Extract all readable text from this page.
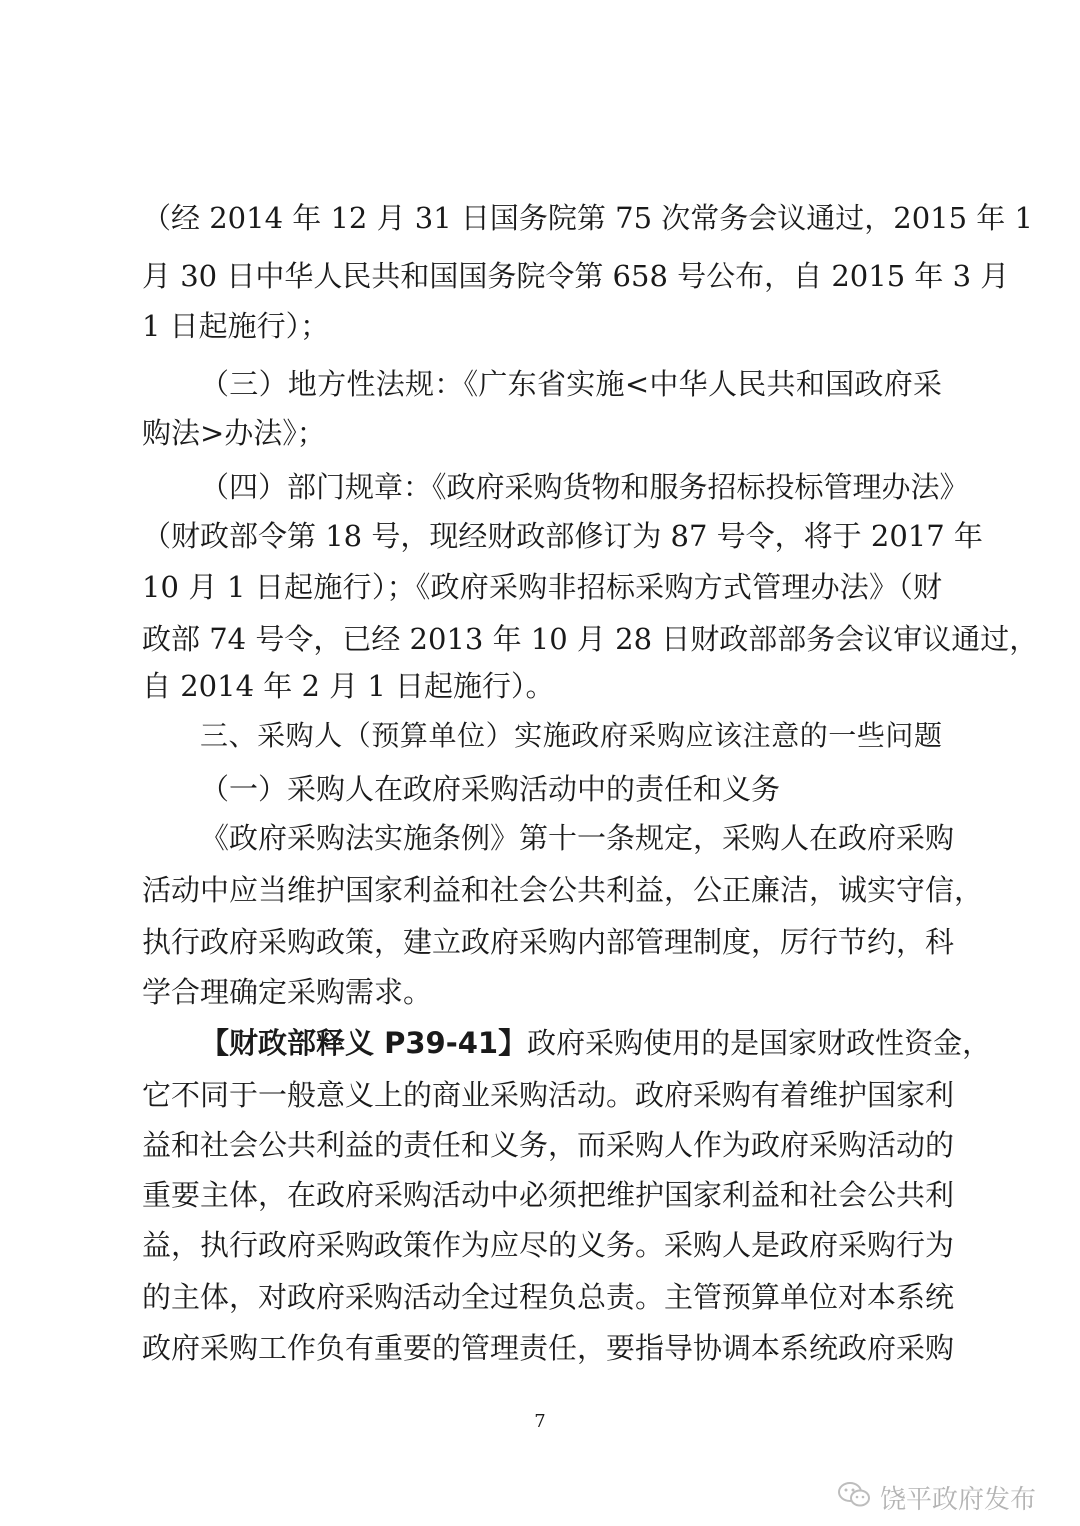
（经 2014 年 12 月 31 日国务院第 75 次常务会议通过，2015 年 1
月 30 日中华人民共和国国务院令第 658 号公布，自 2015 年 3 月
1 日起施行）；
（三）地方性法规：《广东省实施<中华人民共和国政府采
购法>办法》；
（四）部门规章：《政府采购货物和服务招标投标管理办法》
（财政部令第 18 号，现经财政部修订为 87 号令，将于 2017 年
10 月 1 日起施行）；《政府采购非招标采购方式管理办法》（财
政部 74 号令，已经 2013 年 10 月 28 日财政部部务会议审议通过，
自 2014 年 2 月 1 日起施行）。
三、采购人（预算单位）实施政府采购应该注意的一些问题
（一）采购人在政府采购活动中的责任和义务
《政府采购法实施条例》第十一条规定，采购人在政府采购
活动中应当维护国家利益和社会公共利益，公正廉洁，诚实守信，
执行政府采购政策，建立政府采购内部管理制度，厉行节约，科
学合理确定采购需求。
【财政部释义 P39-41】 政府采购使用的是国家财政性资金，
它不同于一般意义上的商业采购活动。政府采购有着维护国家利
益和社会公共利益的责任和义务，而采购人作为政府采购活动的
重要主体，在政府采购活动中必须把维护国家利益和社会公共利
益，执行政府采购政策作为应尽的义务。采购人是政府采购行为
的主体，对政府采购活动全过程负总责。主管预算单位对本系统
政府采购工作负有重要的管理责任，要指导协调本系统政府采购
7
饶平政府发布
